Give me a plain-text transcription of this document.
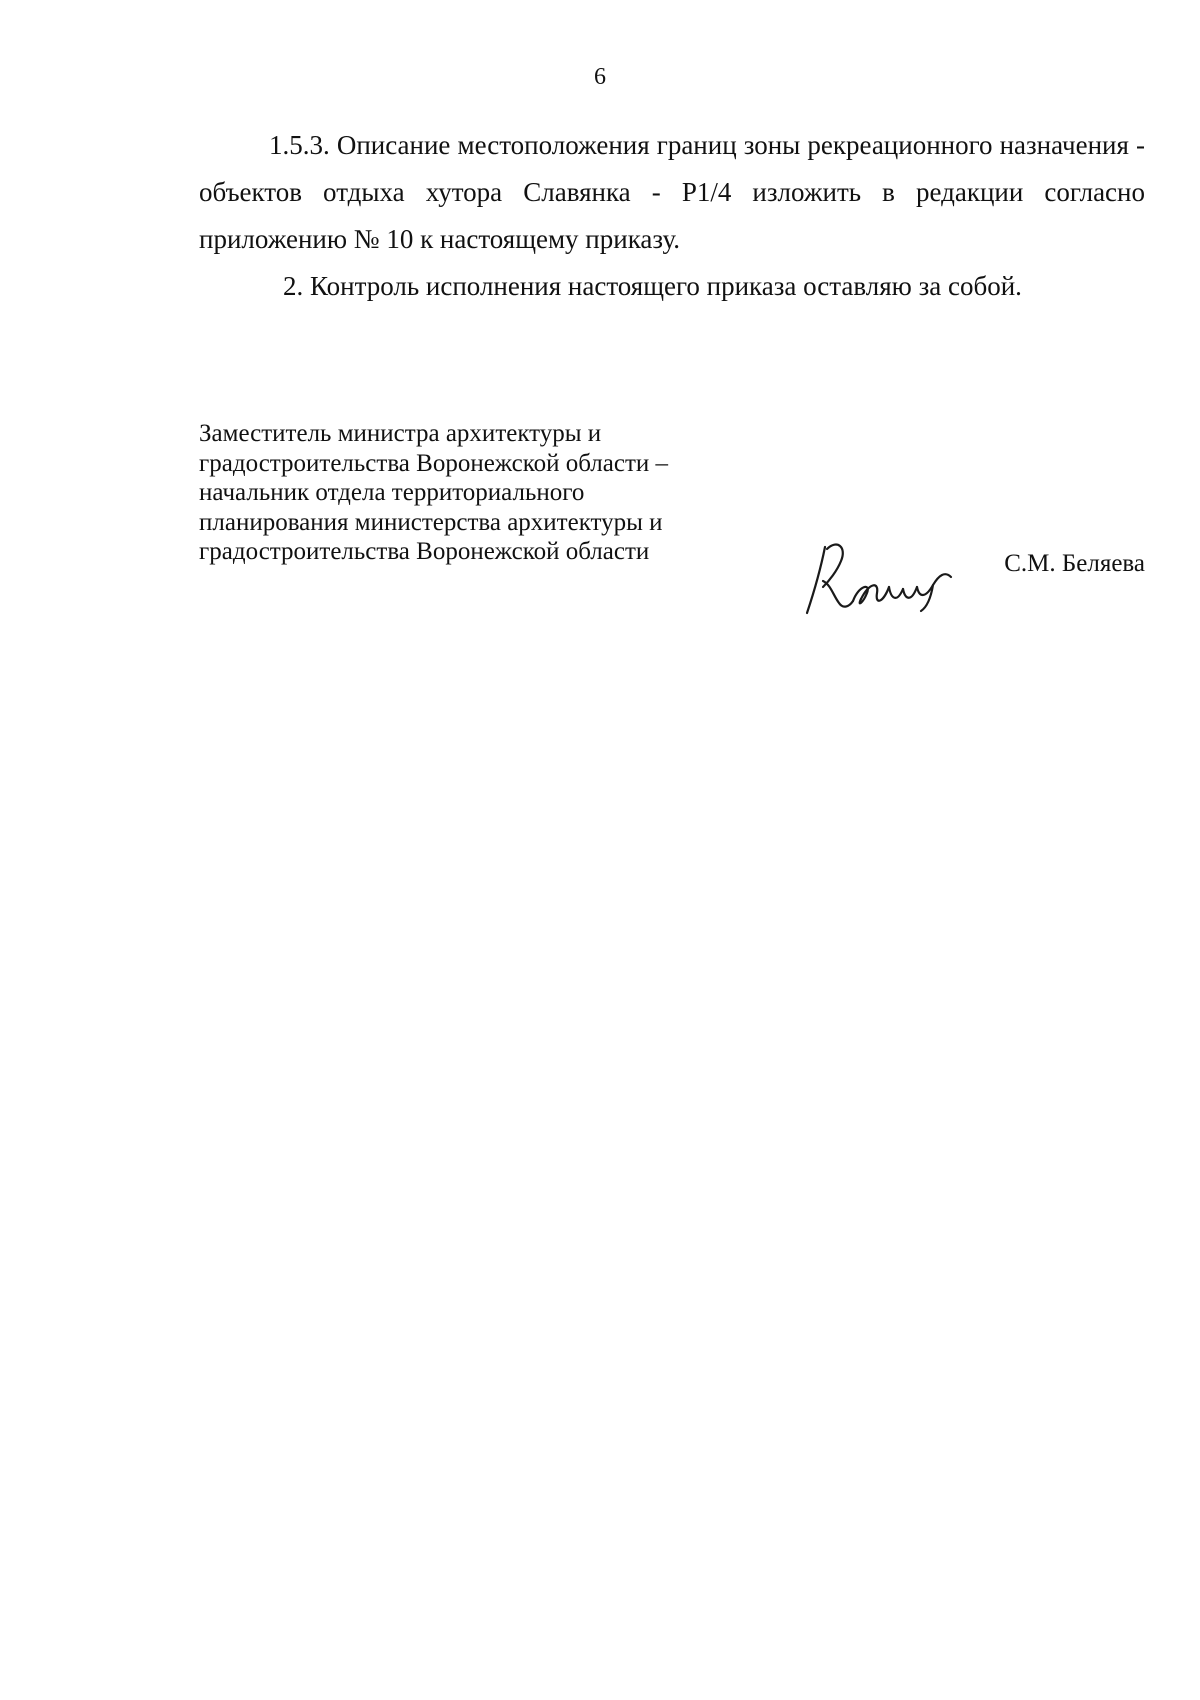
6

1.5.3. Описание местоположения границ зоны рекреационного назначения - объектов отдыха хутора Славянка - Р1/4 изложить в редакции согласно приложению № 10 к настоящему приказу.

2. Контроль исполнения настоящего приказа оставляю за собой.

Заместитель министра архитектуры и
градостроительства Воронежской области –
начальник отдела территориального
планирования министерства архитектуры и
градостроительства Воронежской области	С.М. Беляева
